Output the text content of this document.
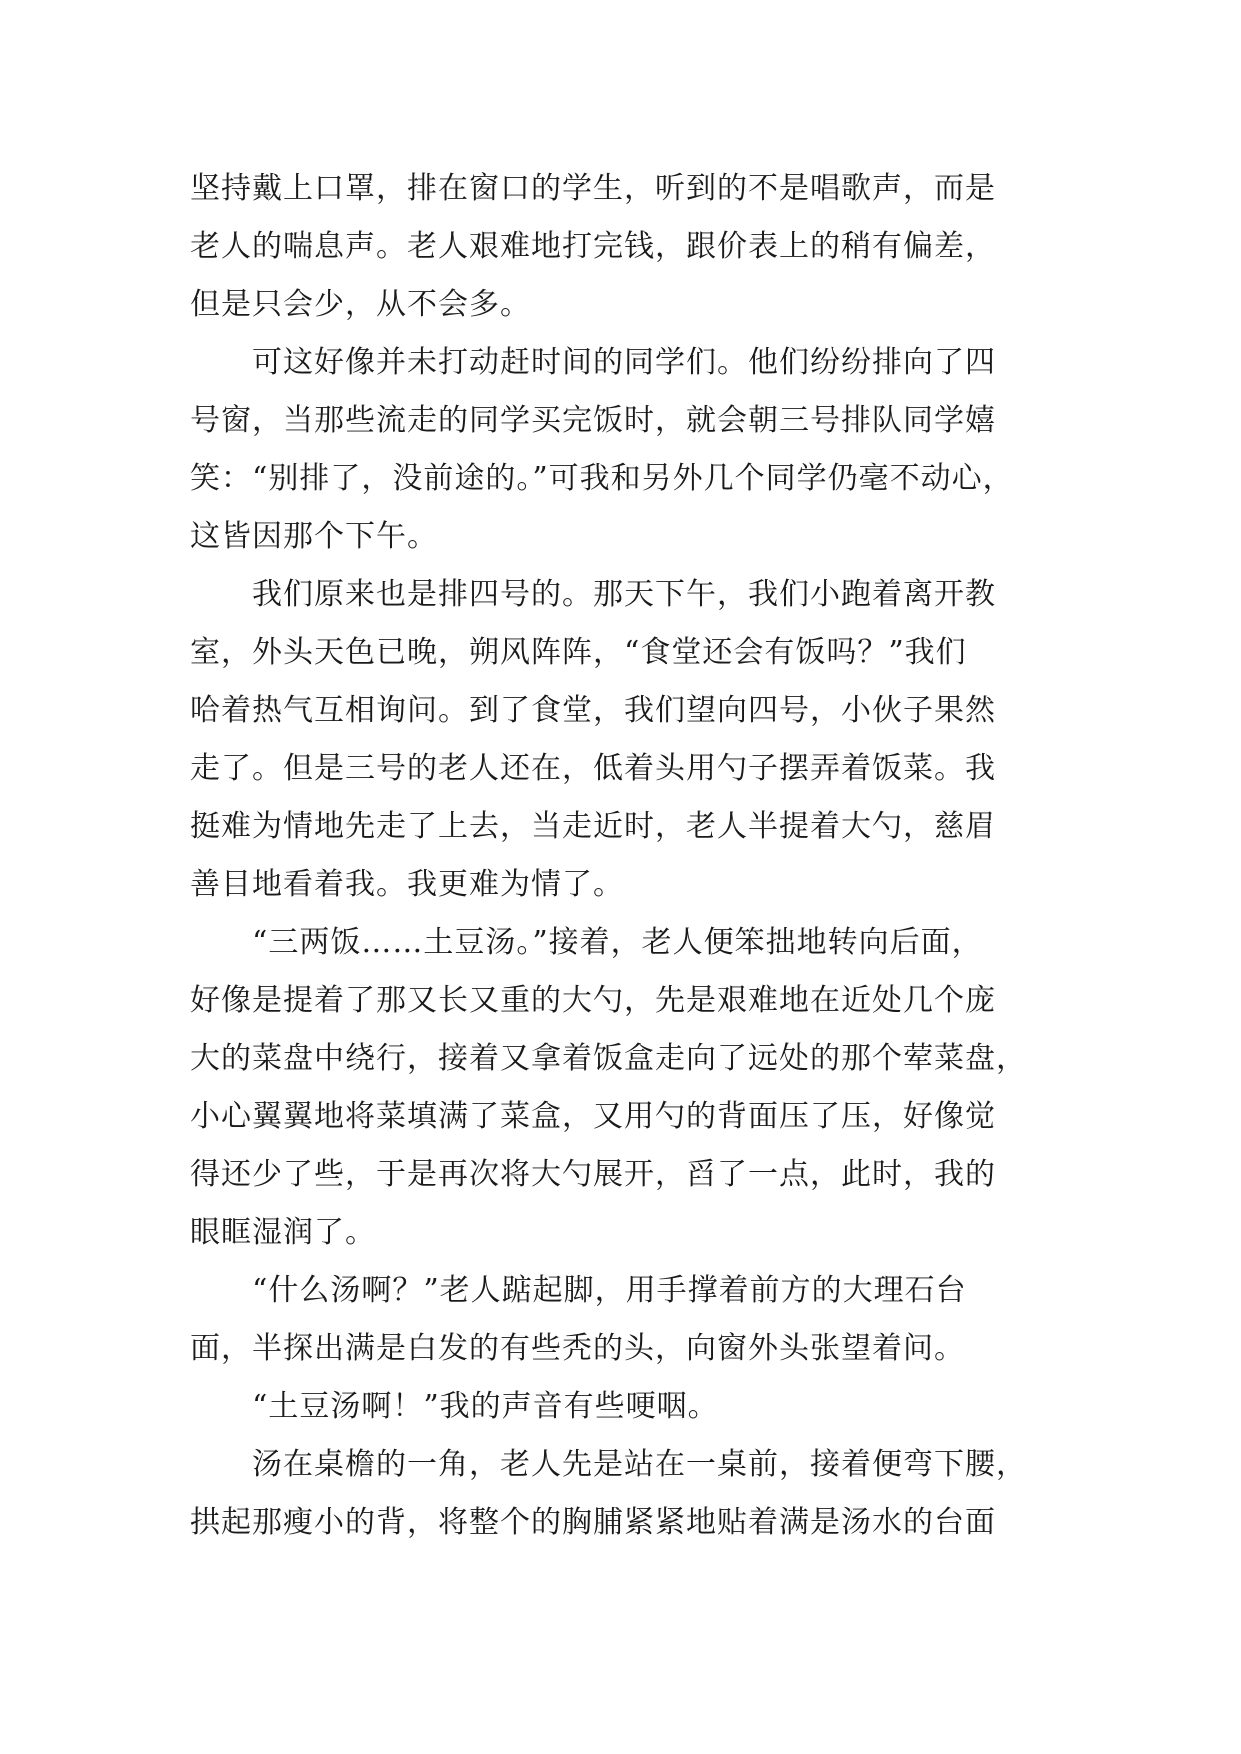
坚持戴上口罩，排在窗口的学生，听到的不是唱歌声，而是
老人的喘息声。老人艰难地打完钱，跟价表上的稍有偏差，
但是只会少，从不会多。
可这好像并未打动赶时间的同学们。他们纷纷排向了四
号窗，当那些流走的同学买完饭时，就会朝三号排队同学嬉
笑：“别排了，没前途的。”可我和另外几个同学仍毫不动心，
这皆因那个下午。
我们原来也是排四号的。那天下午，我们小跑着离开教
室，外头天色已晚，朔风阵阵，“食堂还会有饭吗？”我们
哈着热气互相询问。到了食堂，我们望向四号，小伙子果然
走了。但是三号的老人还在，低着头用勺子摆弄着饭菜。我
挺难为情地先走了上去，当走近时，老人半提着大勺，慈眉
善目地看着我。我更难为情了。
“三两饭……土豆汤。”接着，老人便笨拙地转向后面，
好像是提着了那又长又重的大勺，先是艰难地在近处几个庞
大的菜盘中绕行，接着又拿着饭盒走向了远处的那个荤菜盘，
小心翼翼地将菜填满了菜盒，又用勺的背面压了压，好像觉
得还少了些，于是再次将大勺展开，舀了一点，此时，我的
眼眶湿润了。
“什么汤啊？”老人踮起脚，用手撑着前方的大理石台
面，半探出满是白发的有些秃的头，向窗外头张望着问。
“土豆汤啊！”我的声音有些哽咽。
汤在桌檐的一角，老人先是站在一桌前，接着便弯下腰，
拱起那瘦小的背，将整个的胸脯紧紧地贴着满是汤水的台面
